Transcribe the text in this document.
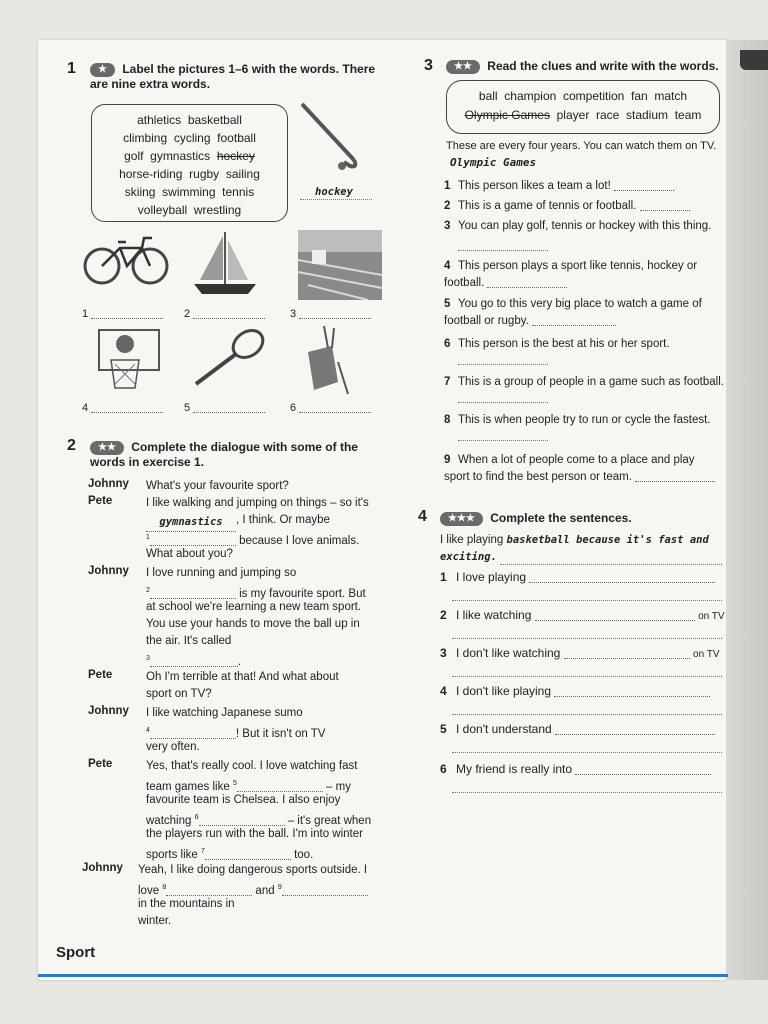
1	★ Label the pictures 1–6 with the words. There are nine extra words.
athletics basketball
climbing cycling football
golf gymnastics hockey
horse-riding rugby sailing
skiing swimming tennis
volleyball wrestling
hockey
1	2	3
4	5	6
2	★★ Complete the dialogue with some of the words in exercise 1.
Johnny What's your favourite sport?
Pete	I like walking and jumping on things – so it's
gymnastics , I think. Or maybe
$^1$	because I love animals.
What about you?
Johnny I love running and jumping so
$^2$	is my favourite sport. But
at school we're learning a new team sport.
You use your hands to move the ball up in
the air. It's called
$^3$	.
Pete	Oh I'm terrible at that! And what about
sport on TV?
Johnny I like watching Japanese sumo
$^4$	! But it isn't on TV
very often.
Pete	Yes, that's really cool. I love watching fast
team games like $^5$	– my
favourite team is Chelsea. I also enjoy
watching $^6$	– it's great when
the players run with the ball. I'm into winter
sports like $^7$	too.
Johnny Yeah, I like doing dangerous sports outside. I
love $^8$	and $^9$
in the mountains in
winter.
3	★★ Read the clues and write with the words.
ball champion competition fan match
Olympic Games player race stadium team
These are every four years. You can watch them on TV.
Olympic Games
1 This person likes a team a lot!
2 This is a game of tennis or football.
3 You can play golf, tennis or hockey with this thing.
4 This person plays a sport like tennis, hockey or football.
5 You go to this very big place to watch a game of football or rugby.
6 This person is the best at his or her sport.
7 This is a group of people in a game such as football.
8 This is when people try to run or cycle the fastest.
9 When a lot of people come to a place and play sport to find the best person or team.
4	★★★ Complete the sentences.
I like playing basketball because it's fast and exciting.
1 I love playing
2 I like watching	on TV
3 I don't like watching	on TV
4 I don't like playing
5 I don't understand
6 My friend is really into
Sport
